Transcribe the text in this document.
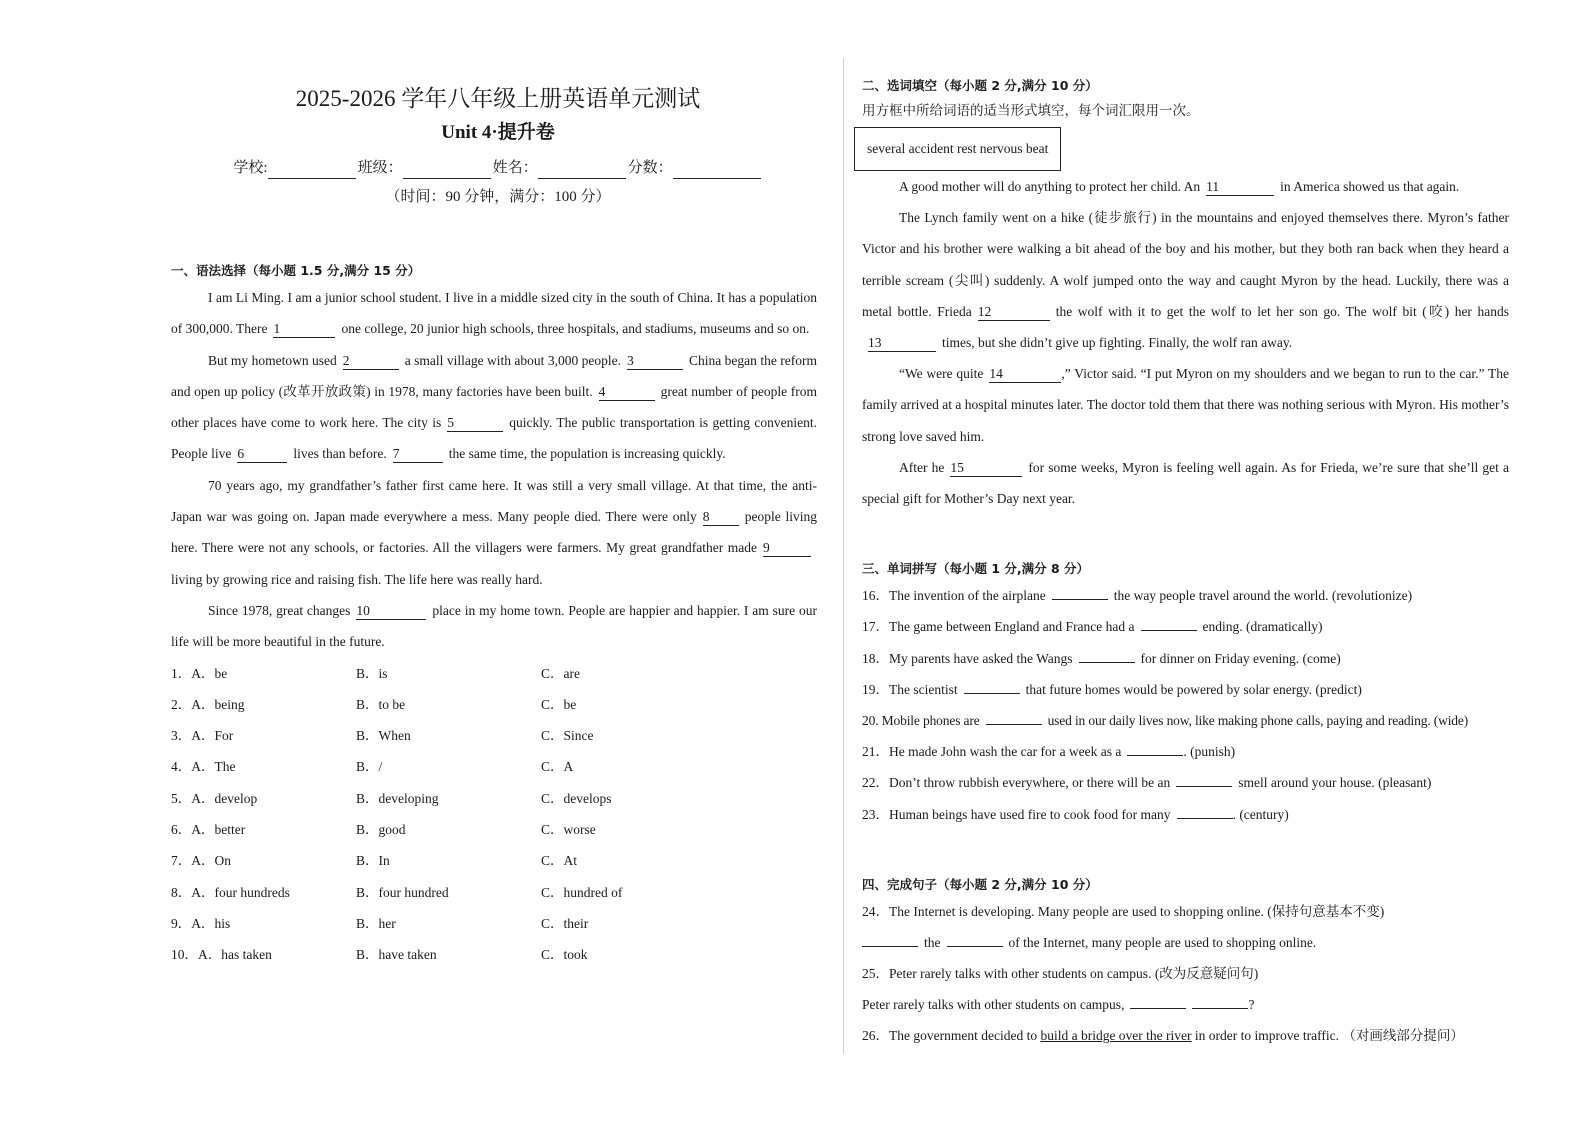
2025-2026 学年八年级上册英语单元测试
Unit 4·提升卷
学校:	班级：	姓名：	分数：
（时间：90 分钟，满分：100 分）
一、语法选择（每小题 1.5 分,满分 15 分）
I am Li Ming. I am a junior school student. I live in a middle sized city in the south of China. It has a population of 300,000. There 1	one college, 20 junior high schools, three hospitals, and stadiums, museums and so on.
But my hometown used 2	a small village with about 3,000 people. 3	China began the reform and open up policy (改革开放政策) in 1978, many factories have been built. 4	great number of people from other places have come to work here. The city is 5	quickly. The public transportation is getting convenient. People live 6	lives than before. 7	the same time, the population is increasing quickly.
70 years ago, my grandfather’s father first came here. It was still a very small village. At that time, the anti-Japan war was going on. Japan made everywhere a mess. Many people died. There were only 8	people living here. There were not any schools, or factories. All the villagers were farmers. My great grandfather made 9living by growing rice and raising fish. The life here was really hard.
Since 1978, great changes 10	place in my home town. People are happier and happier. I am sure our life will be more beautiful in the future.
1．A．be	B．is	C．are
2．A．being	B．to be	C．be
3．A．For	B．When	C．Since
4．A．The	B．/	C．A
5．A．develop	B．developing	C．develops
6．A．better	B．good	C．worse
7．A．On	B．In	C．At
8．A．four hundreds	B．four hundred	C．hundred of
9．A．his	B．her	C．their
10．A．has taken	B．have taken	C．took
二、选词填空（每小题 2 分,满分 10 分）
用方框中所给词语的适当形式填空，每个词汇限用一次。
several accident rest nervous beat
A good mother will do anything to protect her child. An 11	in America showed us that again.
The Lynch family went on a hike (徒步旅行) in the mountains and enjoyed themselves there. Myron’s father Victor and his brother were walking a bit ahead of the boy and his mother, but they both ran back when they heard a terrible scream (尖叫) suddenly. A wolf jumped onto the way and caught Myron by the head. Luckily, there was a metal bottle. Frieda 12	the wolf with it to get the wolf to let her son go. The wolf bit (咬) her hands13	times, but she didn’t give up fighting. Finally, the wolf ran away.
“We were quite 14	,” Victor said. “I put Myron on my shoulders and we began to run to the car.” The family arrived at a hospital minutes later. The doctor told them that there was nothing serious with Myron. His mother’s strong love saved him.
After he 15	for some weeks, Myron is feeling well again. As for Frieda, we’re sure that she’ll get a special gift for Mother’s Day next year.
三、单词拼写（每小题 1 分,满分 8 分）
16．The invention of the airplane	the way people travel around the world. (revolutionize)
17．The game between England and France had a	ending. (dramatically)
18．My parents have asked the Wangs	for dinner on Friday evening. (come)
19．The scientist	that future homes would be powered by solar energy. (predict)
20. Mobile phones are	used in our daily lives now, like making phone calls, paying and reading. (wide)
21．He made John wash the car for a week as a	. (punish)
22．Don’t throw rubbish everywhere, or there will be an	smell around your house. (pleasant)
23．Human beings have used fire to cook food for many	. (century)
四、完成句子（每小题 2 分,满分 10 分）
24．The Internet is developing. Many people are used to shopping online. (保持句意基本不变)
the	of the Internet, many people are used to shopping online.
25．Peter rarely talks with other students on campus. (改为反意疑问句)
Peter rarely talks with other students on campus,	?
26．The government decided to build a bridge over the river in order to improve traffic. （对画线部分提问）
